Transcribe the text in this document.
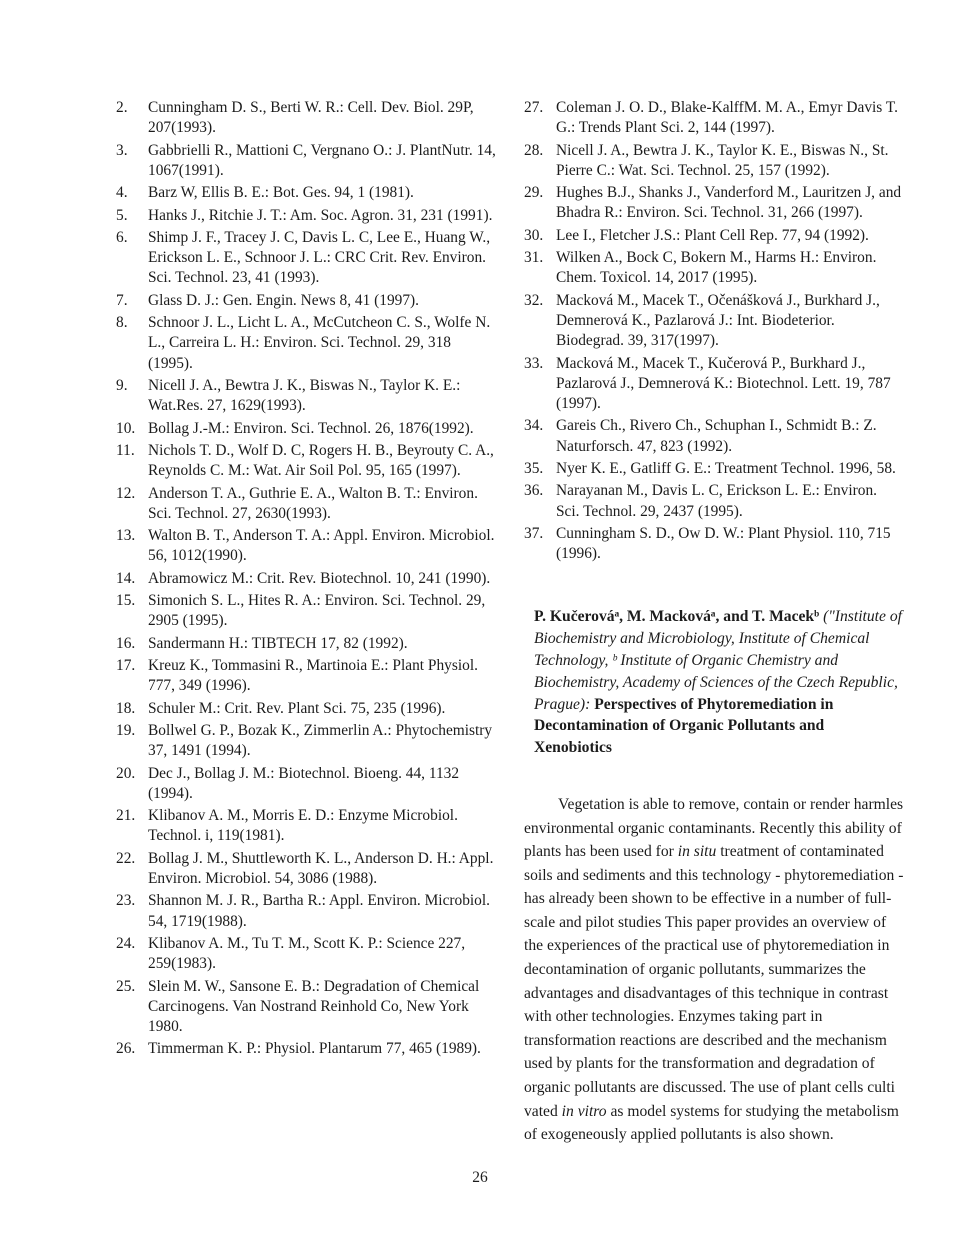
2.	Cunningham D. S., Berti W. R.: Cell. Dev. Biol. 29P, 207(1993).
3.	Gabbrielli R., Mattioni C, Vergnano O.: J. PlantNutr. 14, 1067(1991).
4.	Barz W, Ellis B. E.: Bot. Ges. 94, 1 (1981).
5.	Hanks J., Ritchie J. T.: Am. Soc. Agron. 31, 231 (1991).
6.	Shimp J. F., Tracey J. C, Davis L. C, Lee E., Huang W., Erickson L. E., Schnoor J. L.: CRC Crit. Rev. Environ. Sci. Technol. 23, 41 (1993).
7.	Glass D. J.: Gen. Engin. News 8, 41 (1997).
8.	Schnoor J. L., Licht L. A., McCutcheon C. S., Wolfe N. L., Carreira L. H.: Environ. Sci. Technol. 29, 318 (1995).
9.	Nicell J. A., Bewtra J. K., Biswas N., Taylor K. E.: Wat.Res. 27, 1629(1993).
10. Bollag J.-M.: Environ. Sci. Technol. 26, 1876(1992).
11. Nichols T. D., Wolf D. C, Rogers H. B., Beyrouty C. A., Reynolds C. M.: Wat. Air Soil Pol. 95, 165 (1997).
12. Anderson T. A., Guthrie E. A., Walton B. T.: Environ. Sci. Technol. 27, 2630(1993).
13. Walton B. T., Anderson T. A.: Appl. Environ. Microbiol. 56, 1012(1990).
14. Abramowicz M.: Crit. Rev. Biotechnol. 10, 241 (1990).
15. Simonich S. L., Hites R. A.: Environ. Sci. Technol. 29, 2905 (1995).
16. Sandermann H.: TIBTECH 17, 82 (1992).
17. Kreuz K., Tommasini R., Martinoia E.: Plant Physiol. 777, 349 (1996).
18. Schuler M.: Crit. Rev. Plant Sci. 75, 235 (1996).
19. Bollwel G. P., Bozak K., Zimmerlin A.: Phytochemistry 37, 1491 (1994).
20. Dec J., Bollag J. M.: Biotechnol. Bioeng. 44, 1132 (1994).
21. Klibanov A. M., Morris E. D.: Enzyme Microbiol. Technol. i, 119(1981).
22. Bollag J. M., Shuttleworth K. L., Anderson D. H.: Appl. Environ. Microbiol. 54, 3086 (1988).
23. Shannon M. J. R., Bartha R.: Appl. Environ. Microbiol. 54, 1719(1988).
24. Klibanov A. M., Tu T. M., Scott K. P.: Science 227, 259(1983).
25. Slein M. W., Sansone E. B.: Degradation of Chemical Carcinogens. Van Nostrand Reinhold Co, New York 1980.
26. Timmerman K. P.: Physiol. Plantarum 77, 465 (1989).
27. Coleman J. O. D., Blake-KalffM. M. A., Emyr Davis T. G.: Trends Plant Sci. 2, 144 (1997).
28. Nicell J. A., Bewtra J. K., Taylor K. E., Biswas N., St. Pierre C.: Wat. Sci. Technol. 25, 157 (1992).
29. Hughes B.J., Shanks J., Vanderford M., Lauritzen J, and Bhadra R.: Environ. Sci. Technol. 31, 266 (1997).
30. Lee I., Fletcher J.S.: Plant Cell Rep. 77, 94 (1992).
31. Wilken A., Bock C, Bokern M., Harms H.: Environ. Chem. Toxicol. 14, 2017 (1995).
32. Macková M., Macek T., Očenášková J., Burkhard J., Demnerová K., Pazlarová J.: Int. Biodeterior. Biodegrad. 39, 317(1997).
33. Macková M., Macek T., Kučerová P., Burkhard J., Pazlarová J., Demnerová K.: Biotechnol. Lett. 19, 787 (1997).
34. Gareis Ch., Rivero Ch., Schuphan I., Schmidt B.: Z. Naturforsch. 47, 823 (1992).
35. Nyer K. E., Gatliff G. E.: Treatment Technol. 1996, 58.
36. Narayanan M., Davis L. C, Erickson L. E.: Environ. Sci. Technol. 29, 2437 (1995).
37. Cunningham S. D., Ow D. W.: Plant Physiol. 110, 715 (1996).

P. Kučerováᵃ, M. Mackováᵃ, and T. Macekᵇ ("Institute of Biochemistry and Microbiology, Institute of Chemical Technology, ᵇ Institute of Organic Chemistry and Biochemistry, Academy of Sciences of the Czech Republic, Prague): Perspectives of Phytoremediation in Decontamination of Organic Pollutants and Xenobiotics

Vegetation is able to remove, contain or render harmles environmental organic contaminants. Recently this ability of plants has been used for in situ treatment of contaminated soils and sediments and this technology - phytoremediation - has already been shown to be effective in a number of full-scale and pilot studies This paper provides an overview of the experiences of the practical use of phytoremediation in decontamination of organic pollutants, summarizes the advantages and disadvantages of this technique in contrast with other technologies. Enzymes taking part in transformation reactions are described and the mechanism used by plants for the transformation and degradation of organic pollutants are discussed. The use of plant cells culti vated in vitro as model systems for studying the metabolism of exogeneously applied pollutants is also shown.

26
